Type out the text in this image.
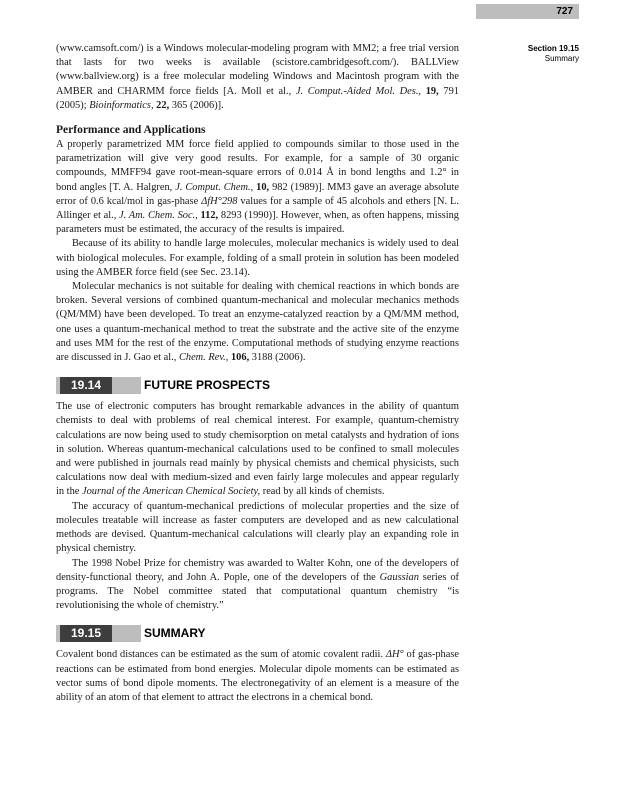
727
Section 19.15
Summary

(www.camsoft.com/) is a Windows molecular-modeling program with MM2; a free trial version that lasts for two weeks is available (scistore.cambridgesoft.com/). BALLView (www.ballview.org) is a free molecular modeling Windows and Macintosh program with the AMBER and CHARMM force fields [A. Moll et al., J. Comput.-Aided Mol. Des., 19, 791 (2005); Bioinformatics, 22, 365 (2006)].

Performance and Applications

A properly parametrized MM force field applied to compounds similar to those used in the parametrization will give very good results. For example, for a sample of 30 organic compounds, MMFF94 gave root-mean-square errors of 0.014 Å in bond lengths and 1.2° in bond angles [T. A. Halgren, J. Comput. Chem., 10, 982 (1989)]. MM3 gave an average absolute error of 0.6 kcal/mol in gas-phase ΔfH°298 values for a sample of 45 alcohols and ethers [N. L. Allinger et al., J. Am. Chem. Soc., 112, 8293 (1990)]. However, when, as often happens, missing parameters must be estimated, the accuracy of the results is impaired.

Because of its ability to handle large molecules, molecular mechanics is widely used to deal with biological molecules. For example, folding of a small protein in solution has been modeled using the AMBER force field (see Sec. 23.14).

Molecular mechanics is not suitable for dealing with chemical reactions in which bonds are broken. Several versions of combined quantum-mechanical and molecular mechanics methods (QM/MM) have been developed. To treat an enzyme-catalyzed reaction by a QM/MM method, one uses a quantum-mechanical method to treat the substrate and the active site of the enzyme and uses MM for the rest of the enzyme. Computational methods of studying enzyme reactions are discussed in J. Gao et al., Chem. Rev., 106, 3188 (2006).

19.14	FUTURE PROSPECTS

The use of electronic computers has brought remarkable advances in the ability of quantum chemists to deal with problems of real chemical interest. For example, quantum-chemistry calculations are now being used to study chemisorption on metal catalysts and hydration of ions in solution. Whereas quantum-mechanical calculations used to be confined to small molecules and were published in journals read mainly by physical chemists and chemical physicists, such calculations now deal with medium-sized and even fairly large molecules and appear regularly in the Journal of the American Chemical Society, read by all kinds of chemists.

The accuracy of quantum-mechanical predictions of molecular properties and the size of molecules treatable will increase as faster computers are developed and as new calculational methods are devised. Quantum-mechanical calculations will clearly play an expanding role in physical chemistry.

The 1998 Nobel Prize for chemistry was awarded to Walter Kohn, one of the developers of density-functional theory, and John A. Pople, one of the developers of the Gaussian series of programs. The Nobel committee stated that computational quantum chemistry “is revolutionising the whole of chemistry.”

19.15	SUMMARY

Covalent bond distances can be estimated as the sum of atomic covalent radii. ΔH° of gas-phase reactions can be estimated from bond energies. Molecular dipole moments can be estimated as vector sums of bond dipole moments. The electronegativity of an element is a measure of the ability of an atom of that element to attract the electrons in a chemical bond.
